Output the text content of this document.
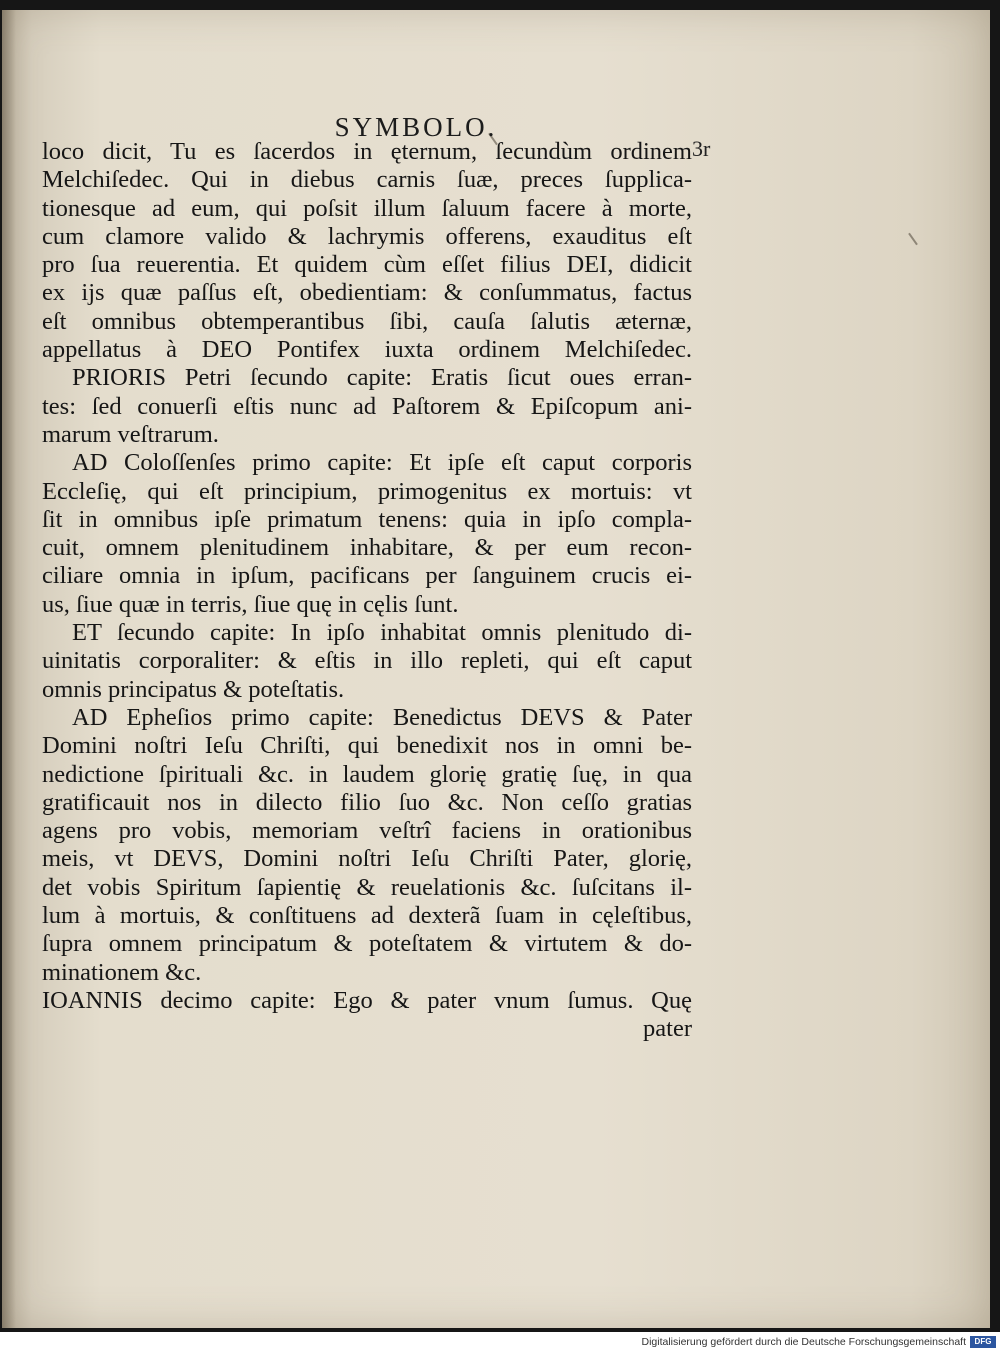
SYMBOLO.
3r
loco dicit, Tu es ſacerdos in ęternum, ſecundùm ordinem
Melchiſedec. Qui in diebus carnis ſuæ, preces ſupplica-
tionesque ad eum, qui poſsit illum ſaluum facere à morte,
cum clamore valido & lachrymis offerens, exauditus eſt
pro ſua reuerentia. Et quidem cùm eſſet filius DEI, didicit
ex ijs quæ paſſus eſt, obedientiam: & conſummatus, factus
eſt omnibus obtemperantibus ſibi, cauſa ſalutis æternæ,
appellatus à DEO Pontifex iuxta ordinem Melchiſedec.
PRIORIS Petri ſecundo capite: Eratis ſicut oues erran-
tes: ſed conuerſi eſtis nunc ad Paſtorem & Epiſcopum ani-
marum veſtrarum.
AD Coloſſenſes primo capite: Et ipſe eſt caput corporis
Eccleſię, qui eſt principium, primogenitus ex mortuis: vt
ſit in omnibus ipſe primatum tenens: quia in ipſo compla-
cuit, omnem plenitudinem inhabitare, & per eum recon-
ciliare omnia in ipſum, pacificans per ſanguinem crucis ei-
us, ſiue quæ in terris, ſiue quę in cęlis ſunt.
ET ſecundo capite: In ipſo inhabitat omnis plenitudo di-
uinitatis corporaliter: & eſtis in illo repleti, qui eſt caput
omnis principatus & poteſtatis.
AD Epheſios primo capite: Benedictus DEVS & Pater
Domini noſtri Ieſu Chriſti, qui benedixit nos in omni be-
nedictione ſpirituali &c. in laudem glorię gratię ſuę, in qua
gratificauit nos in dilecto filio ſuo &c. Non ceſſo gratias
agens pro vobis, memoriam veſtrî faciens in orationibus
meis, vt DEVS, Domini noſtri Ieſu Chriſti Pater, glorię,
det vobis Spiritum ſapientię & reuelationis &c. ſuſcitans il-
lum à mortuis, & conſtituens ad dexterã ſuam in cęleſtibus,
ſupra omnem principatum & poteſtatem & virtutem & do-
minationem &c.
IOANNIS decimo capite: Ego & pater vnum ſumus. Quę
pater
Digitalisierung gefördert durch die Deutsche Forschungsgemeinschaft	DFG
